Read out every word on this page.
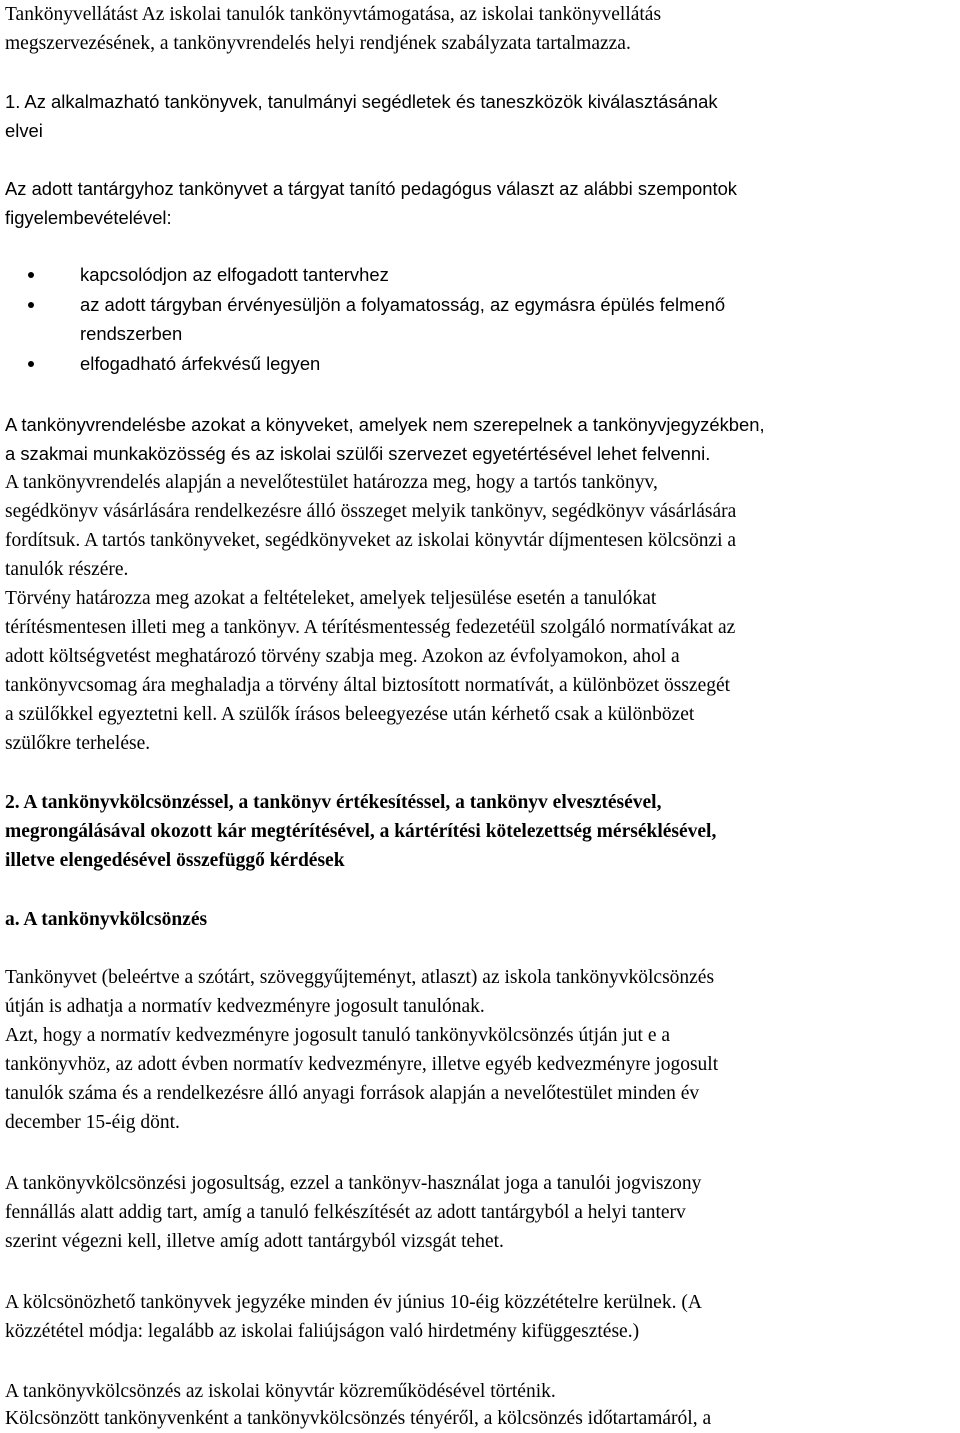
Tankönyvellátást Az iskolai tanulók tankönyvtámogatása, az iskolai tankönyvellátás
megszervezésének, a tankönyvrendelés helyi rendjének szabályzata tartalmazza.
1. Az alkalmazható tankönyvek, tanulmányi segédletek és taneszközök kiválasztásának
elvei
Az adott tantárgyhoz tankönyvet a tárgyat tanító pedagógus választ az alábbi szempontok
figyelembevételével:
kapcsolódjon az elfogadott tantervhez
az adott tárgyban érvényesüljön a folyamatosság, az egymásra épülés felmenő
rendszerben
elfogadható árfekvésű legyen
A tankönyvrendelésbe azokat a könyveket, amelyek nem szerepelnek a tankönyvjegyzékben,
a szakmai munkaközösség és az iskolai szülői szervezet egyetértésével lehet felvenni.
A tankönyvrendelés alapján a nevelőtestület határozza meg, hogy a tartós tankönyv,
segédkönyv vásárlására rendelkezésre álló összeget melyik tankönyv, segédkönyv vásárlására
fordítsuk. A tartós tankönyveket, segédkönyveket az iskolai könyvtár díjmentesen kölcsönzi a
tanulók részére.
Törvény határozza meg azokat a feltételeket, amelyek teljesülése esetén a tanulókat
térítésmentesen illeti meg a tankönyv. A térítésmentesség fedezetéül szolgáló normatívákat az
adott költségvetést meghatározó törvény szabja meg. Azokon az évfolyamokon, ahol a
tankönyvcsomag ára meghaladja a törvény által biztosított normatívát, a különbözet összegét
a szülőkkel egyeztetni kell. A szülők írásos beleegyezése után kérhető csak a különbözet
szülőkre terhelése.
2. A tankönyvkölcsönzéssel, a tankönyv értékesítéssel, a tankönyv elvesztésével,
megrongálásával okozott kár megtérítésével, a kártérítési kötelezettség mérséklésével,
illetve elengedésével összefüggő kérdések
a. A tankönyvkölcsönzés
Tankönyvet (beleértve a szótárt, szöveggyűjteményt, atlaszt) az iskola tankönyvkölcsönzés
útján is adhatja a normatív kedvezményre jogosult tanulónak.
Azt, hogy a normatív kedvezményre jogosult tanuló tankönyvkölcsönzés útján jut e a
tankönyvhöz, az adott évben normatív kedvezményre, illetve egyéb kedvezményre jogosult
tanulók száma és a rendelkezésre álló anyagi források alapján a nevelőtestület minden év
december 15-éig dönt.
A tankönyvkölcsönzési jogosultság, ezzel a tankönyv-használat joga a tanulói jogviszony
fennállás alatt addig tart, amíg a tanuló felkészítését az adott tantárgyból a helyi tanterv
szerint végezni kell, illetve amíg adott tantárgyból vizsgát tehet.
A kölcsönözhető tankönyvek jegyzéke minden év június 10-éig közzétételre kerülnek. (A
közzététel módja: legalább az iskolai faliújságon való hirdetmény kifüggesztése.)
A tankönyvkölcsönzés az iskolai könyvtár közreműködésével történik.
Kölcsönzött tankönyvenként a tankönyvkölcsönzés tényéről, a kölcsönzés időtartamáról, a
